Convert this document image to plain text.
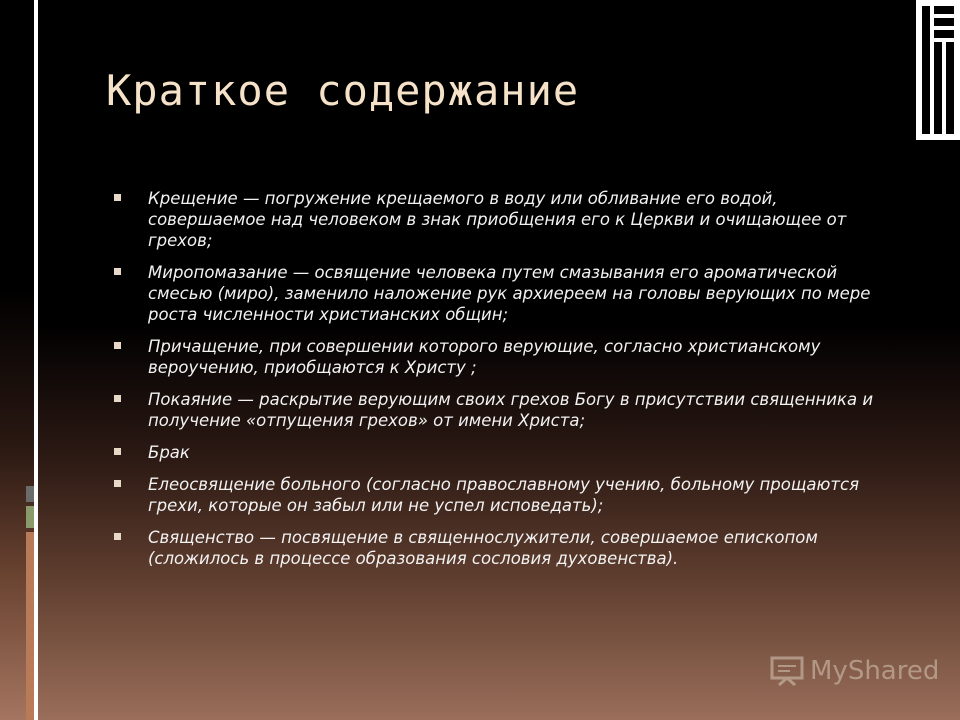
Краткое содержание
Крещение — погружение крещаемого в воду или обливание его водой, совершаемое над человеком в знак приобщения его к Церкви и очищающее от грехов;
Миропомазание — освящение человека путем смазывания его ароматической смесью (миро), заменило наложение рук архиереем на головы верующих по мере роста численности христианских общин;
Причащение, при совершении которого верующие, согласно христианскому вероучению, приобщаются к Христу ;
Покаяние — раскрытие верующим своих грехов Богу в присутствии священника и получение «отпущения грехов» от имени Христа;
Брак
Елеосвящение больного (согласно православному учению, больному прощаются грехи, которые он забыл или не успел исповедать);
Священство — посвящение в священнослужители, совершаемое епископом (сложилось в процессе образования сословия духовенства).
MyShared
